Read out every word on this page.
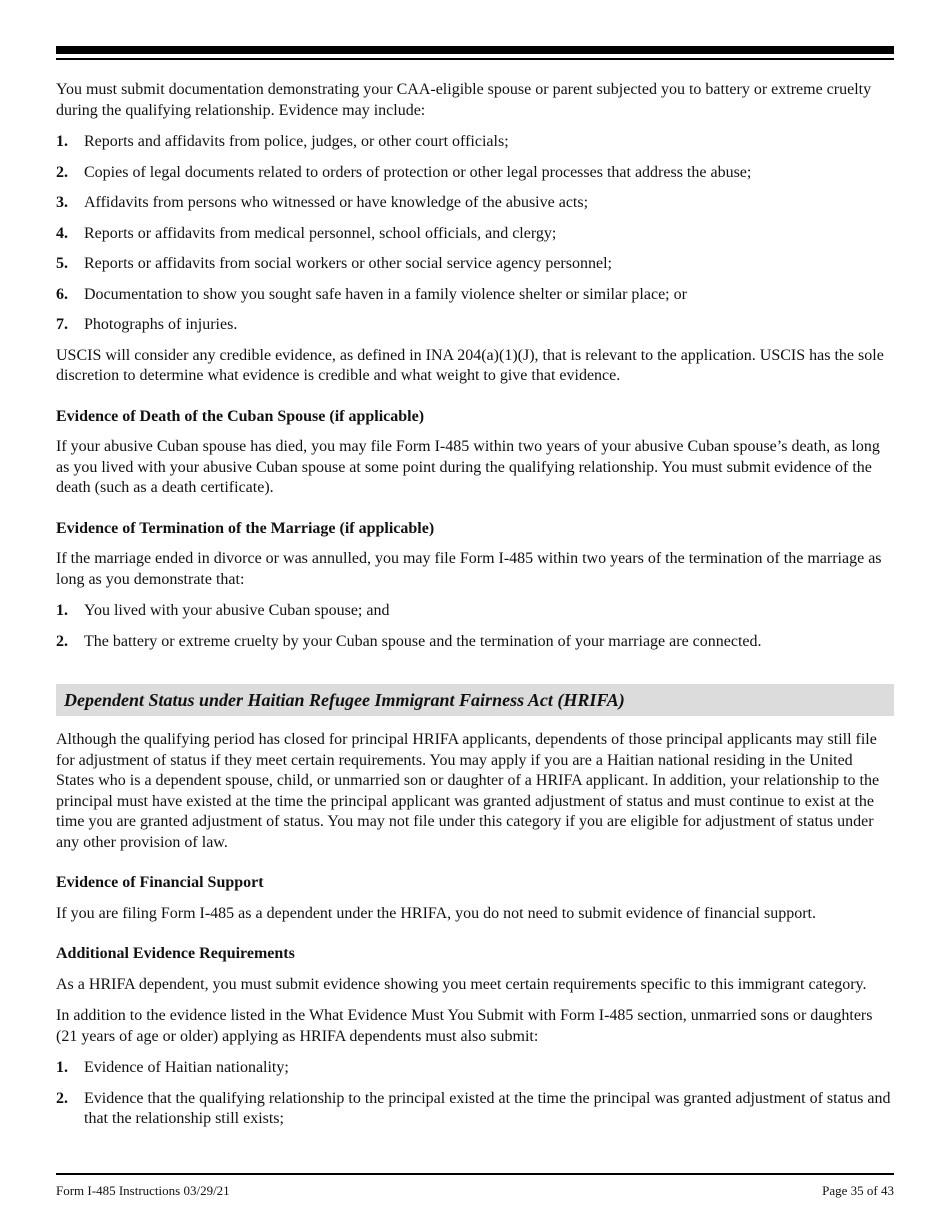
You must submit documentation demonstrating your CAA-eligible spouse or parent subjected you to battery or extreme cruelty during the qualifying relationship. Evidence may include:

1.	Reports and affidavits from police, judges, or other court officials;
2.	Copies of legal documents related to orders of protection or other legal processes that address the abuse;
3.	Affidavits from persons who witnessed or have knowledge of the abusive acts;
4.	Reports or affidavits from medical personnel, school officials, and clergy;
5.	Reports or affidavits from social workers or other social service agency personnel;
6.	Documentation to show you sought safe haven in a family violence shelter or similar place; or
7.	Photographs of injuries.

USCIS will consider any credible evidence, as defined in INA 204(a)(1)(J), that is relevant to the application. USCIS has the sole discretion to determine what evidence is credible and what weight to give that evidence.

Evidence of Death of the Cuban Spouse (if applicable)

If your abusive Cuban spouse has died, you may file Form I-485 within two years of your abusive Cuban spouse’s death, as long as you lived with your abusive Cuban spouse at some point during the qualifying relationship. You must submit evidence of the death (such as a death certificate).

Evidence of Termination of the Marriage (if applicable)

If the marriage ended in divorce or was annulled, you may file Form I-485 within two years of the termination of the marriage as long as you demonstrate that:

1.	You lived with your abusive Cuban spouse; and
2.	The battery or extreme cruelty by your Cuban spouse and the termination of your marriage are connected.
Dependent Status under Haitian Refugee Immigrant Fairness Act (HRIFA)

Although the qualifying period has closed for principal HRIFA applicants, dependents of those principal applicants may still file for adjustment of status if they meet certain requirements. You may apply if you are a Haitian national residing in the United States who is a dependent spouse, child, or unmarried son or daughter of a HRIFA applicant. In addition, your relationship to the principal must have existed at the time the principal applicant was granted adjustment of status and must continue to exist at the time you are granted adjustment of status. You may not file under this category if you are eligible for adjustment of status under any other provision of law.

Evidence of Financial Support

If you are filing Form I-485 as a dependent under the HRIFA, you do not need to submit evidence of financial support.

Additional Evidence Requirements

As a HRIFA dependent, you must submit evidence showing you meet certain requirements specific to this immigrant category.

In addition to the evidence listed in the What Evidence Must You Submit with Form I-485 section, unmarried sons or daughters (21 years of age or older) applying as HRIFA dependents must also submit:

1.	Evidence of Haitian nationality;
2.	Evidence that the qualifying relationship to the principal existed at the time the principal was granted adjustment of status and that the relationship still exists;
Form I-485 Instructions 03/29/21	Page 35 of 43
